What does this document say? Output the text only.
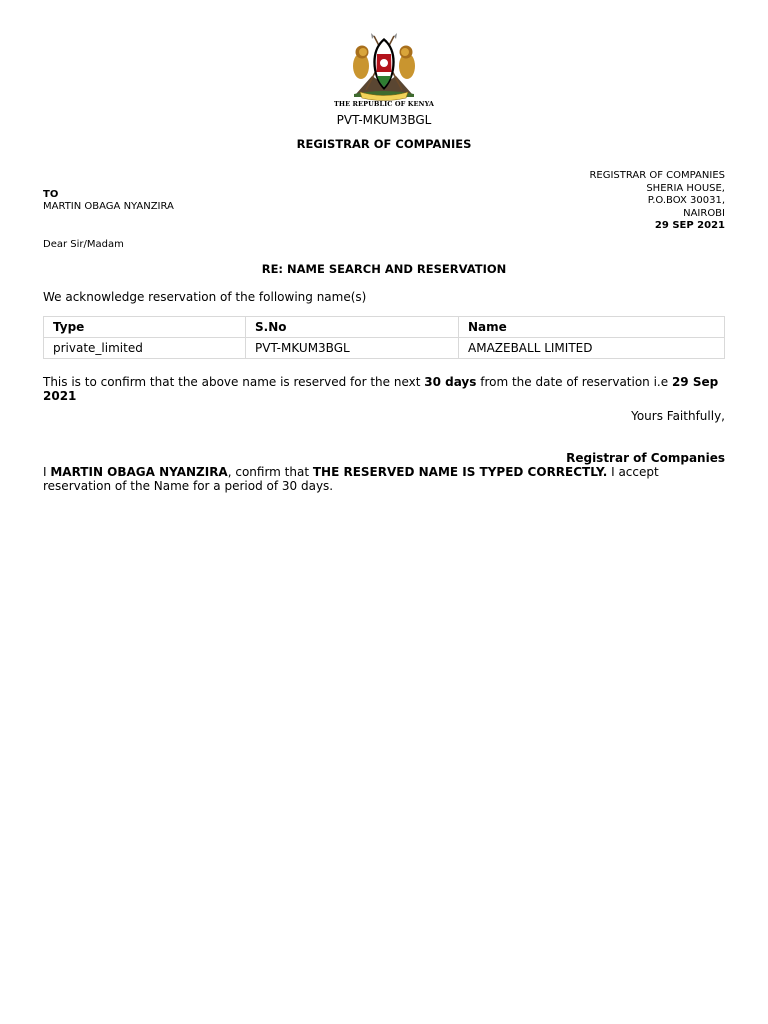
THE REPUBLIC OF KENYA
PVT-MKUM3BGL
REGISTRAR OF COMPANIES
REGISTRAR OF COMPANIES
SHERIA HOUSE,
P.O.BOX 30031,
NAIROBI
29 SEP 2021
TO
MARTIN OBAGA NYANZIRA
Dear Sir/Madam
RE: NAME SEARCH AND RESERVATION
We acknowledge reservation of the following name(s)
Type	S.No	Name
private_limited	PVT-MKUM3BGL	AMAZEBALL LIMITED
This is to confirm that the above name is reserved for the next 30 days from the date of reservation i.e 29 Sep 2021
Yours Faithfully,
Registrar of Companies
I MARTIN OBAGA NYANZIRA, confirm that THE RESERVED NAME IS TYPED CORRECTLY. I accept reservation of the Name for a period of 30 days.
